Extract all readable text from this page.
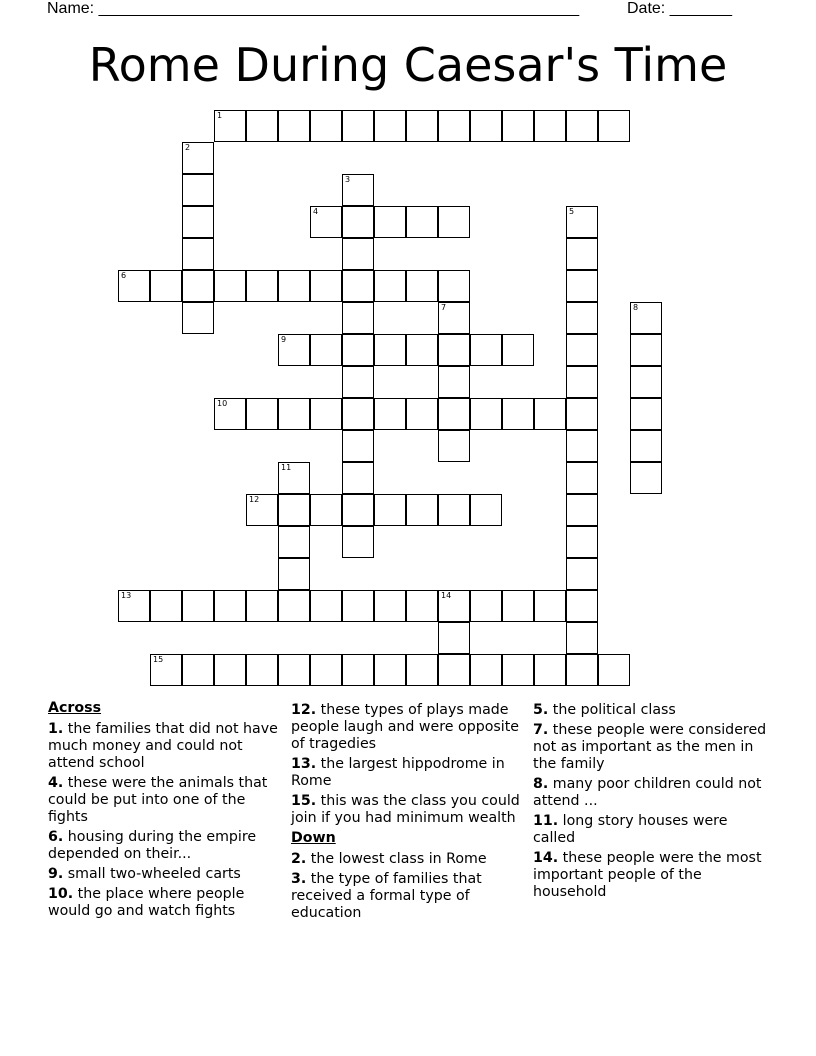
Name: ______________________________________________________	Date: _______
Rome During Caesar's Time
1
2
3
4	5
6
7	8
9
10
11
12
13	14
15
Across
1. the families that did not have much money and could not attend school
4. these were the animals that could be put into one of the fights
6. housing during the empire depended on their...
9. small two-wheeled carts
10. the place where people would go and watch fights
12. these types of plays made people laugh and were opposite of tragedies
13. the largest hippodrome in Rome
15. this was the class you could join if you had minimum wealth
Down
2. the lowest class in Rome
3. the type of families that received a formal type of education
5. the political class
7. these people were considered not as important as the men in the family
8. many poor children could not attend ...
11. long story houses were called
14. these people were the most important people of the household
